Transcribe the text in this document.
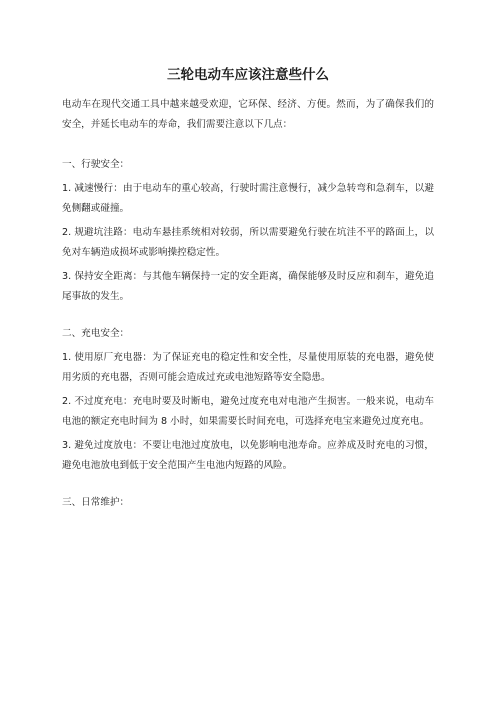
三轮电动车应该注意些什么

电动车在现代交通工具中越来越受欢迎，它环保、经济、方便。然而，为了确保我们的安全，并延长电动车的寿命，我们需要注意以下几点：

一、行驶安全：

1. 减速慢行：由于电动车的重心较高，行驶时需注意慢行，减少急转弯和急刹车，以避免侧翻或碰撞。

2. 规避坑洼路：电动车悬挂系统相对较弱，所以需要避免行驶在坑洼不平的路面上，以免对车辆造成损坏或影响操控稳定性。

3. 保持安全距离：与其他车辆保持一定的安全距离，确保能够及时反应和刹车，避免追尾事故的发生。

二、充电安全：

1. 使用原厂充电器：为了保证充电的稳定性和安全性，尽量使用原装的充电器，避免使用劣质的充电器，否则可能会造成过充或电池短路等安全隐患。

2. 不过度充电：充电时要及时断电，避免过度充电对电池产生损害。一般来说，电动车电池的额定充电时间为 8 小时，如果需要长时间充电，可选择充电宝来避免过度充电。

3. 避免过度放电：不要让电池过度放电，以免影响电池寿命。应养成及时充电的习惯，避免电池放电到低于安全范围产生电池内短路的风险。

三、日常维护：
